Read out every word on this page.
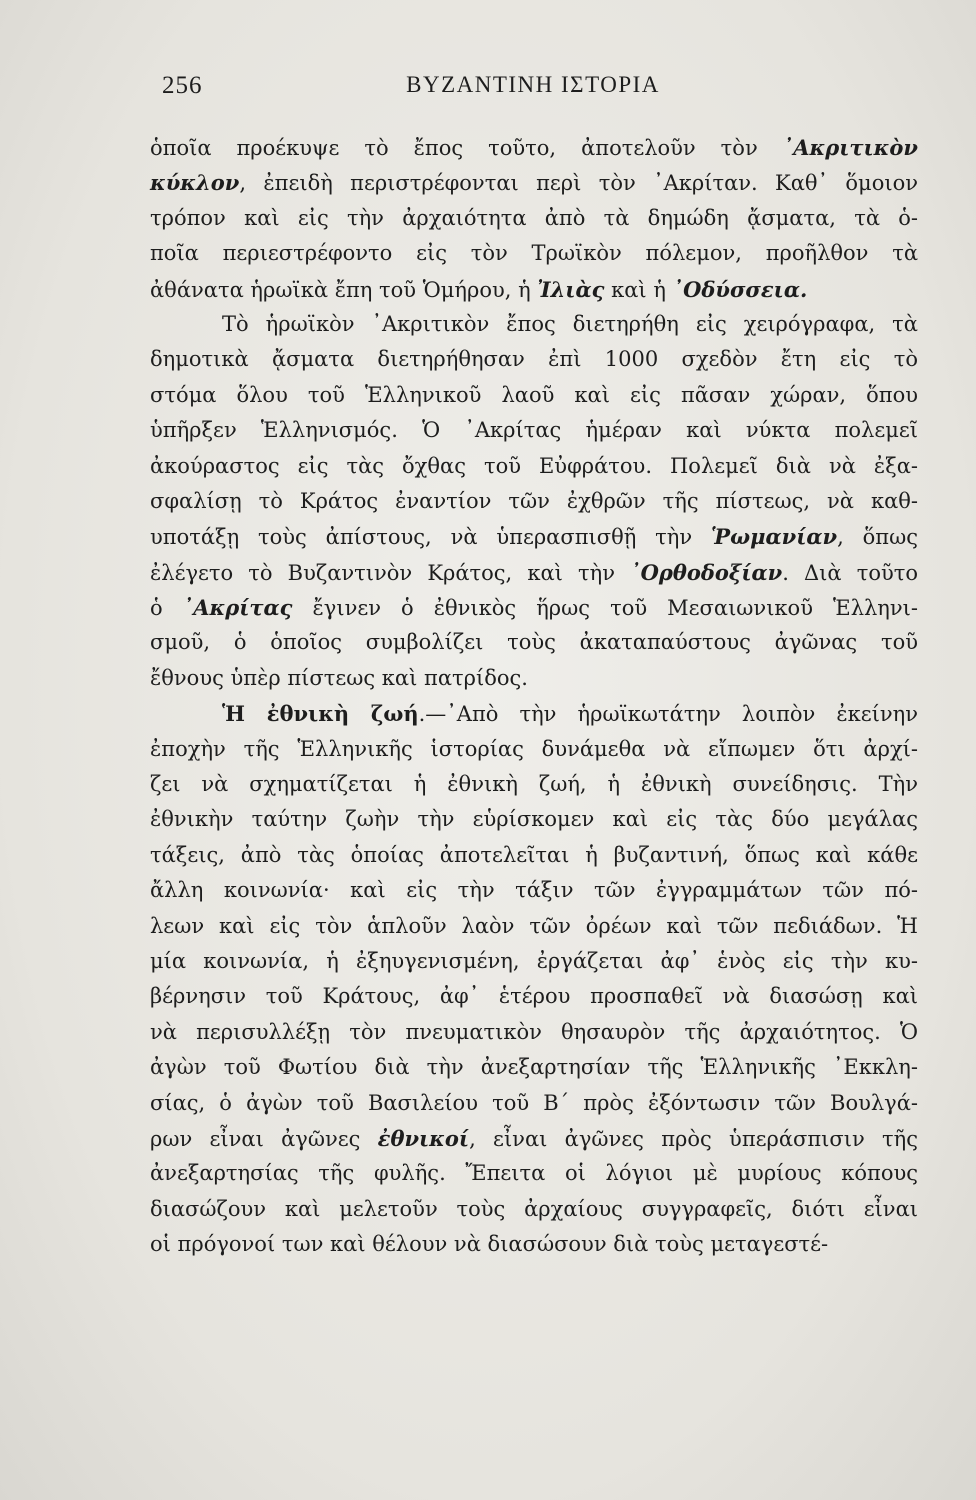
256	ΒΥΖΑΝΤΙΝΗ ΙΣΤΟΡΙΑ
ὁποῖα προέκυψε τὸ ἔπος τοῦτο, ἀποτελοῦν τὸν ᾿Ακριτικὸν
κύκλον, ἐπειδὴ περιστρέφονται περὶ τὸν ᾿Ακρίταν. Καθ᾿ ὅμοιον
τρόπον καὶ εἰς τὴν ἀρχαιότητα ἀπὸ τὰ δημώδη ᾄσματα, τὰ ὁ-
ποῖα περιεστρέφοντο εἰς τὸν Τρωϊκὸν πόλεμον, προῆλθον τὰ
ἀθάνατα ἡρωϊκὰ ἔπη τοῦ Ὁμήρου, ἡ Ἰλιὰς καὶ ἡ ᾿Οδύσσεια.
Τὸ ἡρωϊκὸν ᾿Ακριτικὸν ἔπος διετηρήθη εἰς χειρόγραφα, τὰ
δημοτικὰ ᾄσματα διετηρήθησαν ἐπὶ 1000 σχεδὸν ἔτη εἰς τὸ
στόμα ὅλου τοῦ Ἑλληνικοῦ λαοῦ καὶ εἰς πᾶσαν χώραν, ὅπου
ὑπῆρξεν Ἑλληνισμός. Ὁ ᾿Ακρίτας ἡμέραν καὶ νύκτα πολεμεῖ
ἀκούραστος εἰς τὰς ὄχθας τοῦ Εὐφράτου. Πολεμεῖ διὰ νὰ ἐξα-
σφαλίσῃ τὸ Κράτος ἐναντίον τῶν ἐχθρῶν τῆς πίστεως, νὰ καθ-
υποτάξῃ τοὺς ἀπίστους, νὰ ὑπερασπισθῇ τὴν Ῥωμανίαν, ὅπως
ἐλέγετο τὸ Βυζαντινὸν Κράτος, καὶ τὴν ᾿Ορθοδοξίαν. Διὰ τοῦτο
ὁ ᾿Ακρίτας ἔγινεν ὁ ἐθνικὸς ἥρως τοῦ Μεσαιωνικοῦ Ἑλληνι-
σμοῦ, ὁ ὁποῖος συμβολίζει τοὺς ἀκαταπαύστους ἀγῶνας τοῦ
ἔθνους ὑπὲρ πίστεως καὶ πατρίδος.
Ἡ ἐθνικὴ ζωή.—᾿Απὸ τὴν ἡρωϊκωτάτην λοιπὸν ἐκείνην
ἐποχὴν τῆς Ἑλληνικῆς ἱστορίας δυνάμεθα νὰ εἴπωμεν ὅτι ἀρχί-
ζει νὰ σχηματίζεται ἡ ἐθνικὴ ζωή, ἡ ἐθνικὴ συνείδησις. Τὴν
ἐθνικὴν ταύτην ζωὴν τὴν εὑρίσκομεν καὶ εἰς τὰς δύο μεγάλας
τάξεις, ἀπὸ τὰς ὁποίας ἀποτελεῖται ἡ βυζαντινή, ὅπως καὶ κάθε
ἄλλη κοινωνία· καὶ εἰς τὴν τάξιν τῶν ἐγγραμμάτων τῶν πό-
λεων καὶ εἰς τὸν ἁπλοῦν λαὸν τῶν ὀρέων καὶ τῶν πεδιάδων. Ἡ
μία κοινωνία, ἡ ἐξηυγενισμένη, ἐργάζεται ἀφ᾿ ἑνὸς εἰς τὴν κυ-
βέρνησιν τοῦ Κράτους, ἀφ᾿ ἑτέρου προσπαθεῖ νὰ διασώσῃ καὶ
νὰ περισυλλέξῃ τὸν πνευματικὸν θησαυρὸν τῆς ἀρχαιότητος. Ὁ
ἀγὼν τοῦ Φωτίου διὰ τὴν ἀνεξαρτησίαν τῆς Ἑλληνικῆς ᾿Εκκλη-
σίας, ὁ ἀγὼν τοῦ Βασιλείου τοῦ Β΄ πρὸς ἐξόντωσιν τῶν Βουλγά-
ρων εἶναι ἀγῶνες ἐθνικοί, εἶναι ἀγῶνες πρὸς ὑπεράσπισιν τῆς
ἀνεξαρτησίας τῆς φυλῆς. Ἔπειτα οἱ λόγιοι μὲ μυρίους κόπους
διασώζουν καὶ μελετοῦν τοὺς ἀρχαίους συγγραφεῖς, διότι εἶναι
οἱ πρόγονοί των καὶ θέλουν νὰ διασώσουν διὰ τοὺς μεταγεστέ-
